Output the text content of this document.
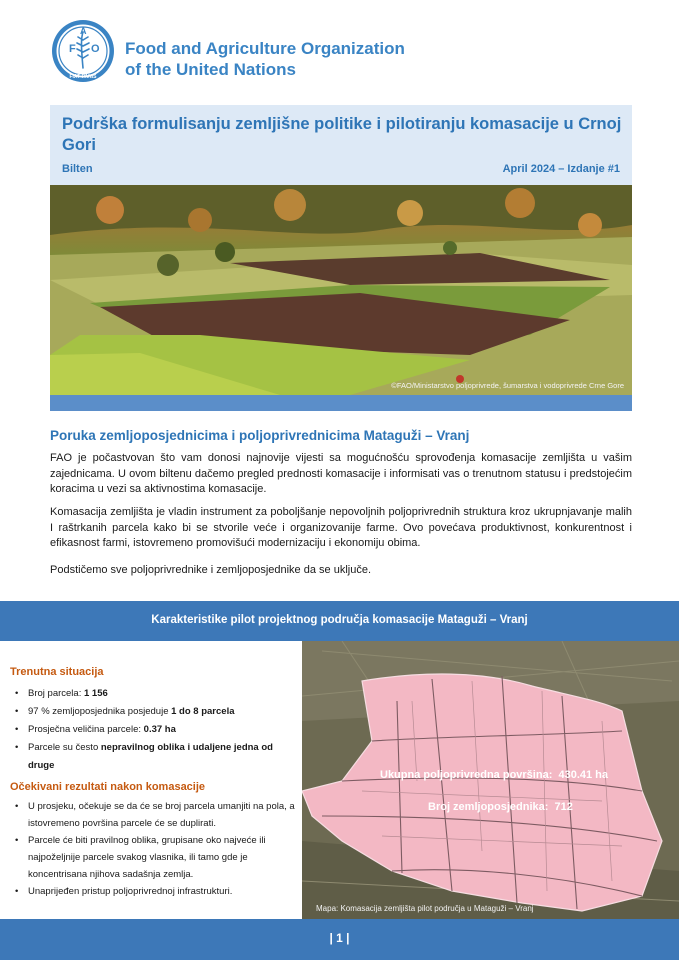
F
A
O
FIAT PANIS
Food and Agriculture Organization
of the United Nations
Podrška formulisanju zemljišne politike i pilotiranju komasacije u Crnoj Gori
Bilten	April 2024 – Izdanje #1
©FAO/Ministarstvo poljoprivrede, šumarstva i vodoprivrede Crne Gore
Poruka zemljoposjednicima i poljoprivrednicima Mataguži – Vranj

FAO je počastvovan što vam donosi najnovije vijesti sa mogućnošću sprovođenja komasacije zemljišta u vašim zajednicama. U ovom biltenu dačemo pregled prednosti komasacije i informisati vas o trenutnom statusu i predstojećim koracima u vezi sa aktivnostima komasacije.

Komasacija zemljišta je vladin instrument za poboljšanje nepovoljnih poljoprivrednih struktura kroz ukrupnjavanje malih I raštrkanih parcela kako bi se stvorile veće i organizovanije farme. Ovo povećava produktivnost, konkurentnost i efikasnost farmi, istovremeno promovišući modernizaciju i ekonomiju obima.

Podstičemo sve poljoprivrednike i zemljoposjednike da se uključe.

Karakteristike pilot projektnog područja komasacije Mataguži – Vranj
Trenutna situacija
• Broj parcela: 1 156
• 97 % zemljoposjednika posjeduje 1 do 8 parcela
• Prosječna veličina parcele: 0.37 ha
• Parcele su često nepravilnog oblika i udaljene jedna od druge
Očekivani rezultati nakon komasacije
• U prosjeku, očekuje se da će se broj parcela umanjiti na pola, a istovremeno površina parcele će se duplirati.
• Parcele će biti pravilnog oblika, grupisane oko najveće ili najpoželjnije parcele svakog vlasnika, ili tamo gde je koncentrisana njihova sadašnja zemlja.
• Unaprijeđen pristup poljoprivrednoj infrastrukturi.
Ukupna poljoprivredna površina: 430.41 ha
Broj zemljoposjednika: 712
Mapa: Komasacija zemljišta pilot područja u Mataguži – Vranj
| 1 |
